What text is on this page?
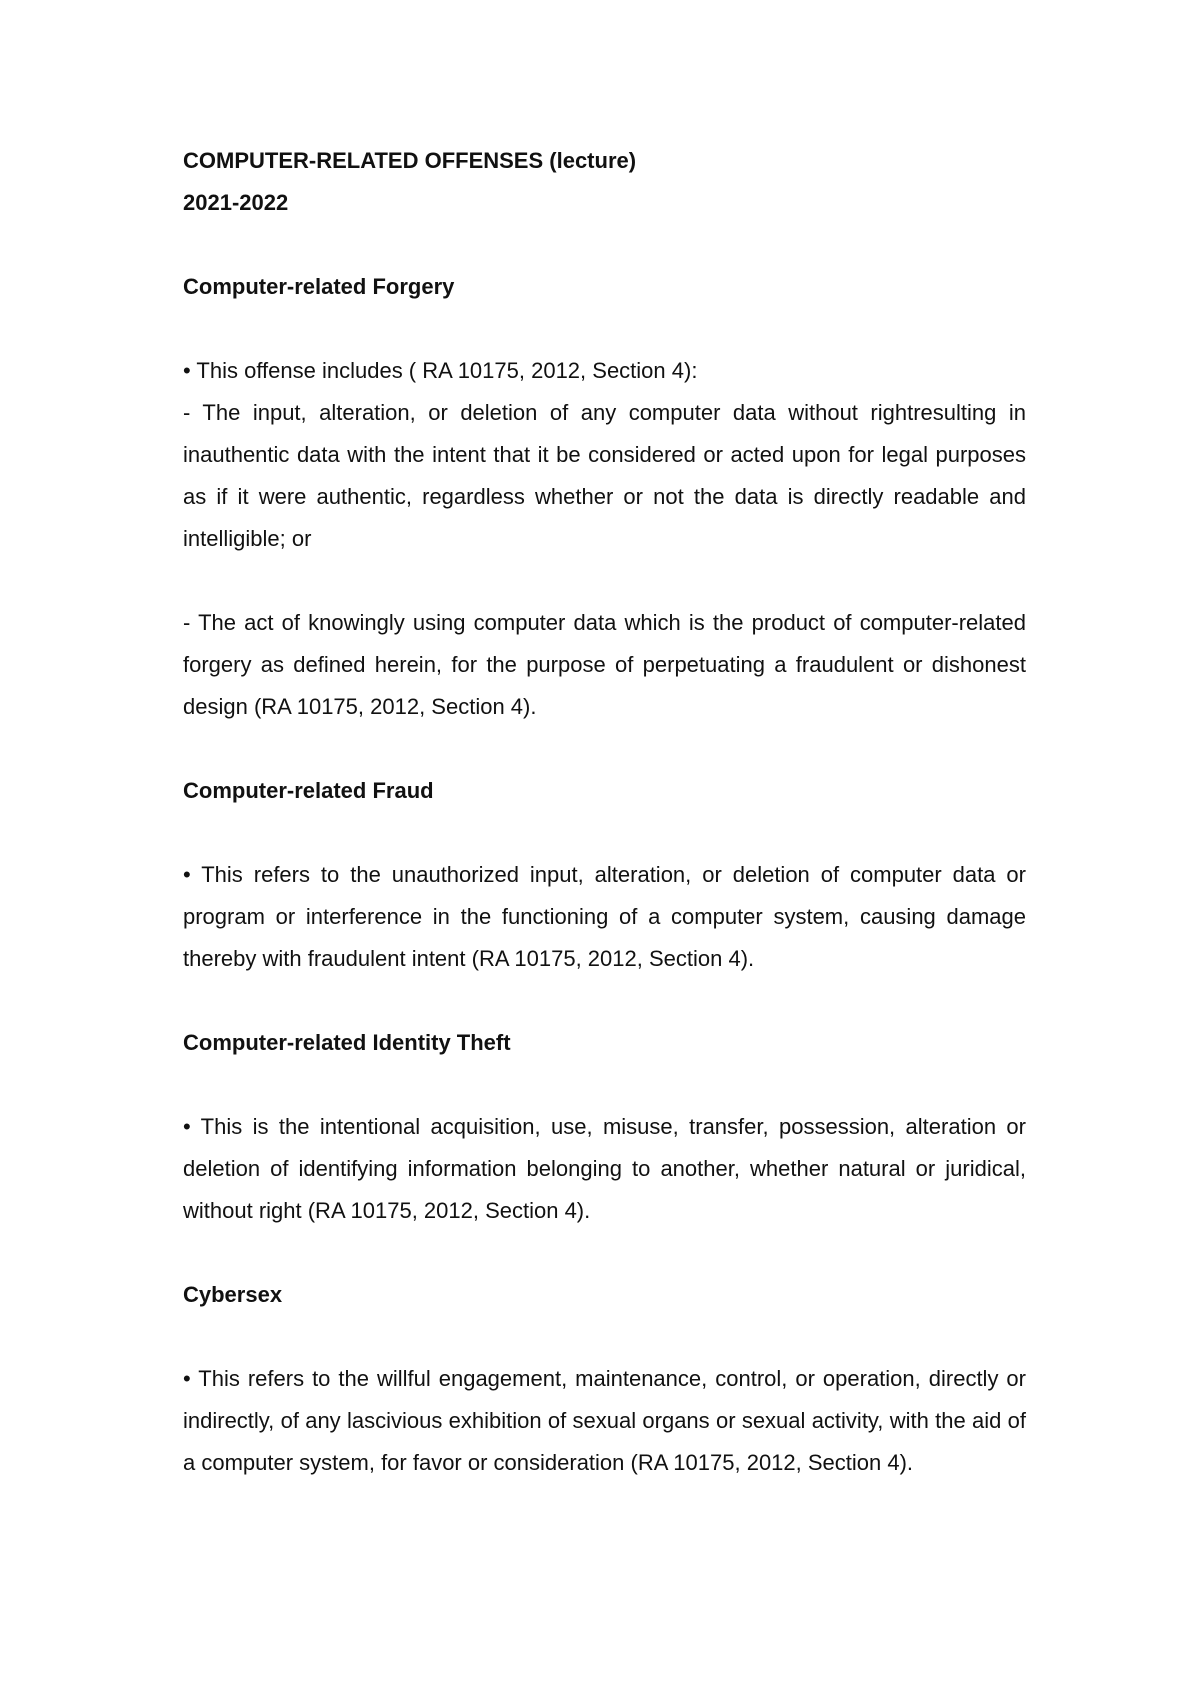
COMPUTER-RELATED OFFENSES (lecture)

2021-2022

Computer-related Forgery

• This offense includes ( RA 10175, 2012, Section 4):

- The input, alteration, or deletion of any computer data without rightresulting in inauthentic data with the intent that it be considered or acted upon for legal purposes as if it were authentic, regardless whether or not the data is directly readable and intelligible; or

- The act of knowingly using computer data which is the product of computer-related forgery as defined herein, for the purpose of perpetuating a fraudulent or dishonest design (RA 10175, 2012, Section 4).

Computer-related Fraud

• This refers to the unauthorized input, alteration, or deletion of computer data or program or interference in the functioning of a computer system, causing damage thereby with fraudulent intent (RA 10175, 2012, Section 4).

Computer-related Identity Theft

• This is the intentional acquisition, use, misuse, transfer, possession, alteration or deletion of identifying information belonging to another, whether natural or juridical, without right (RA 10175, 2012, Section 4).

Cybersex

• This refers to the willful engagement, maintenance, control, or operation, directly or indirectly, of any lascivious exhibition of sexual organs or sexual activity, with the aid of a computer system, for favor or consideration (RA 10175, 2012, Section 4).
